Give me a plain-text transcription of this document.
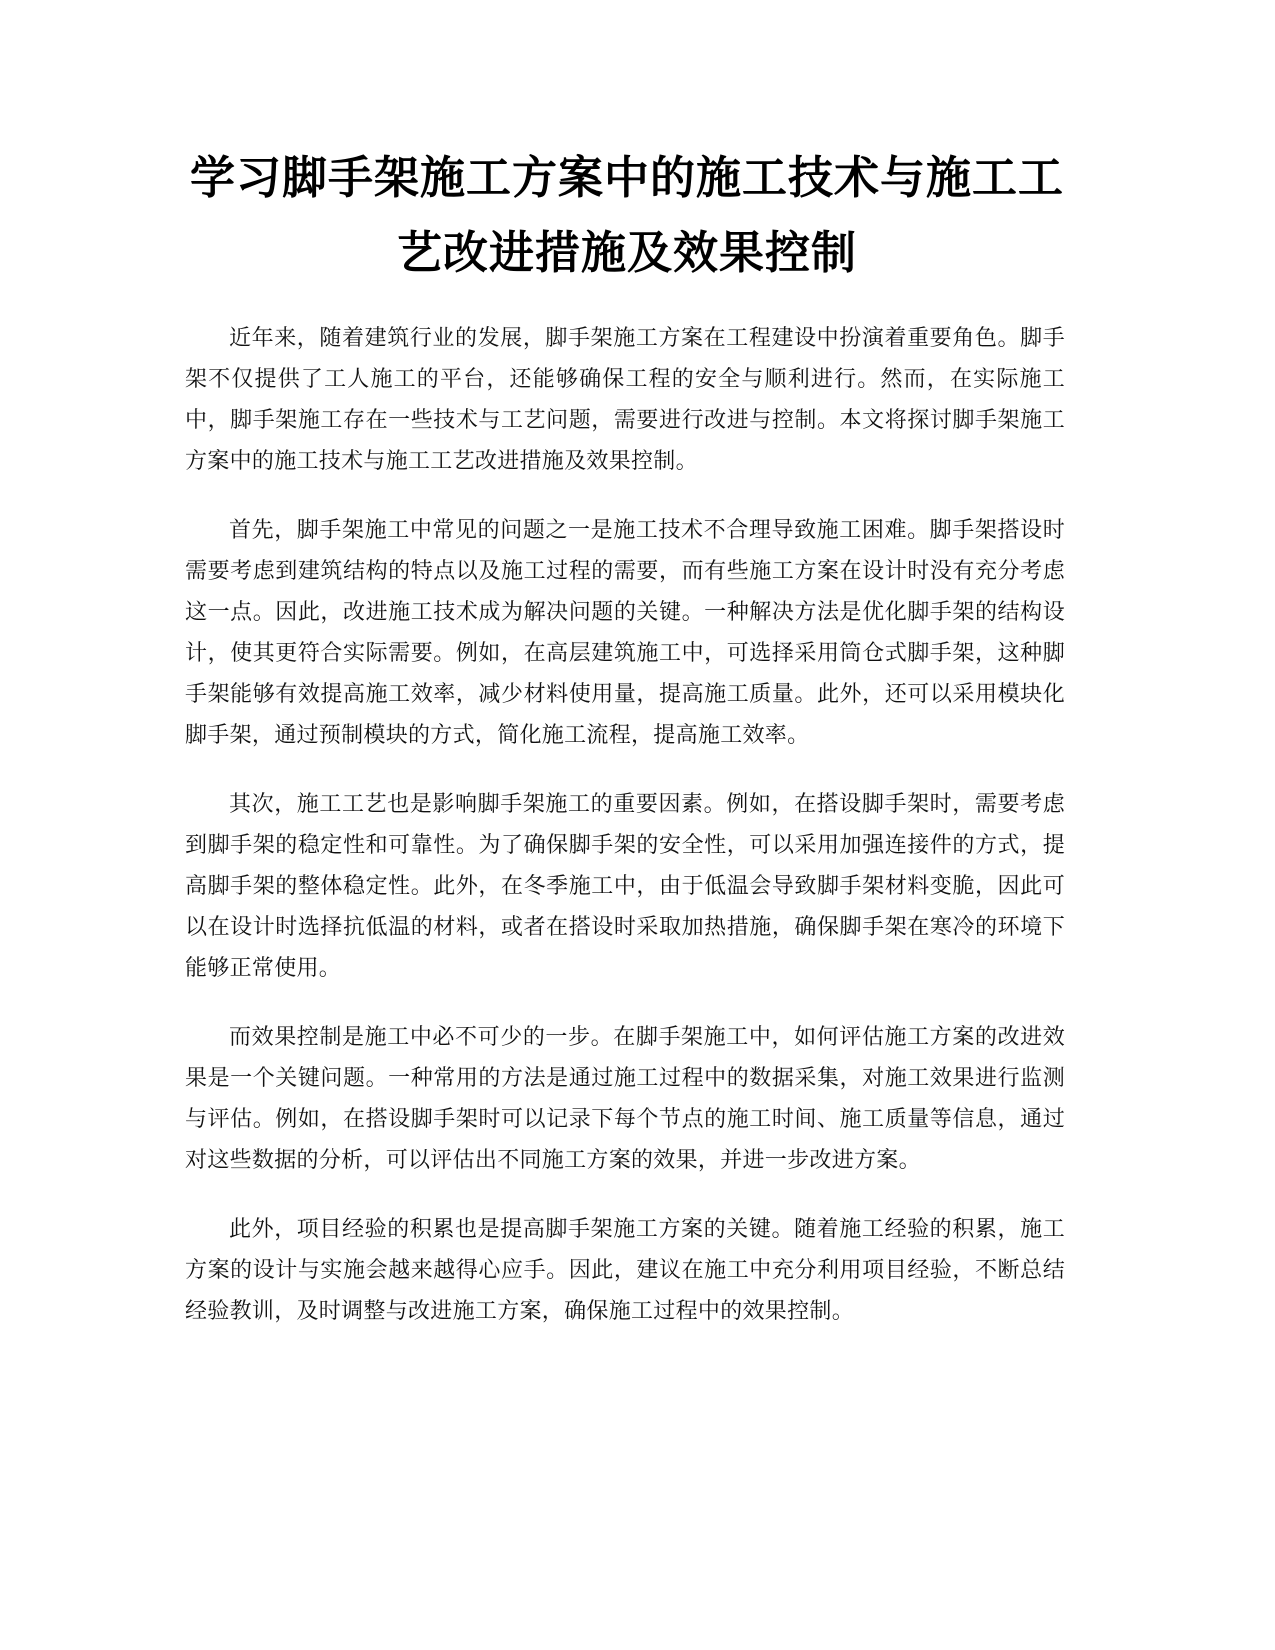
学习脚手架施工方案中的施工技术与施工工艺改进措施及效果控制

近年来，随着建筑行业的发展，脚手架施工方案在工程建设中扮演着重要角色。脚手架不仅提供了工人施工的平台，还能够确保工程的安全与顺利进行。然而，在实际施工中，脚手架施工存在一些技术与工艺问题，需要进行改进与控制。本文将探讨脚手架施工方案中的施工技术与施工工艺改进措施及效果控制。

首先，脚手架施工中常见的问题之一是施工技术不合理导致施工困难。脚手架搭设时需要考虑到建筑结构的特点以及施工过程的需要，而有些施工方案在设计时没有充分考虑这一点。因此，改进施工技术成为解决问题的关键。一种解决方法是优化脚手架的结构设计，使其更符合实际需要。例如，在高层建筑施工中，可选择采用筒仓式脚手架，这种脚手架能够有效提高施工效率，减少材料使用量，提高施工质量。此外，还可以采用模块化脚手架，通过预制模块的方式，简化施工流程，提高施工效率。

其次，施工工艺也是影响脚手架施工的重要因素。例如，在搭设脚手架时，需要考虑到脚手架的稳定性和可靠性。为了确保脚手架的安全性，可以采用加强连接件的方式，提高脚手架的整体稳定性。此外，在冬季施工中，由于低温会导致脚手架材料变脆，因此可以在设计时选择抗低温的材料，或者在搭设时采取加热措施，确保脚手架在寒冷的环境下能够正常使用。

而效果控制是施工中必不可少的一步。在脚手架施工中，如何评估施工方案的改进效果是一个关键问题。一种常用的方法是通过施工过程中的数据采集，对施工效果进行监测与评估。例如，在搭设脚手架时可以记录下每个节点的施工时间、施工质量等信息，通过对这些数据的分析，可以评估出不同施工方案的效果，并进一步改进方案。

此外，项目经验的积累也是提高脚手架施工方案的关键。随着施工经验的积累，施工方案的设计与实施会越来越得心应手。因此，建议在施工中充分利用项目经验，不断总结经验教训，及时调整与改进施工方案，确保施工过程中的效果控制。
